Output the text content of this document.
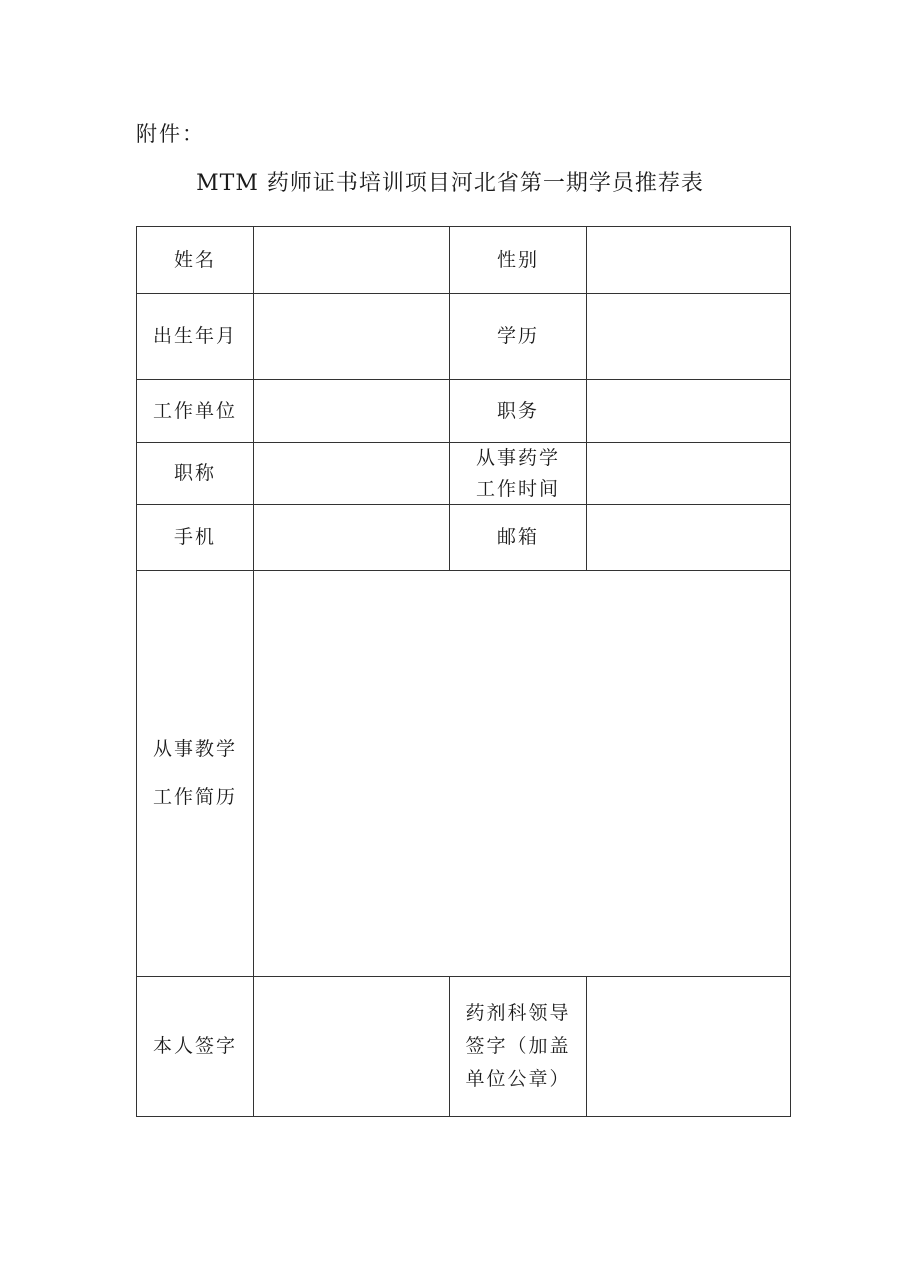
附件：
MTM 药师证书培训项目河北省第一期学员推荐表
姓名		性别	
出生年月		学历	
工作单位		职务	
职称		从事药学
工作时间	

手机		邮箱	

从事教学
工作简历			

本人签字		药剂科领导
签字（加盖
单位公章）	
